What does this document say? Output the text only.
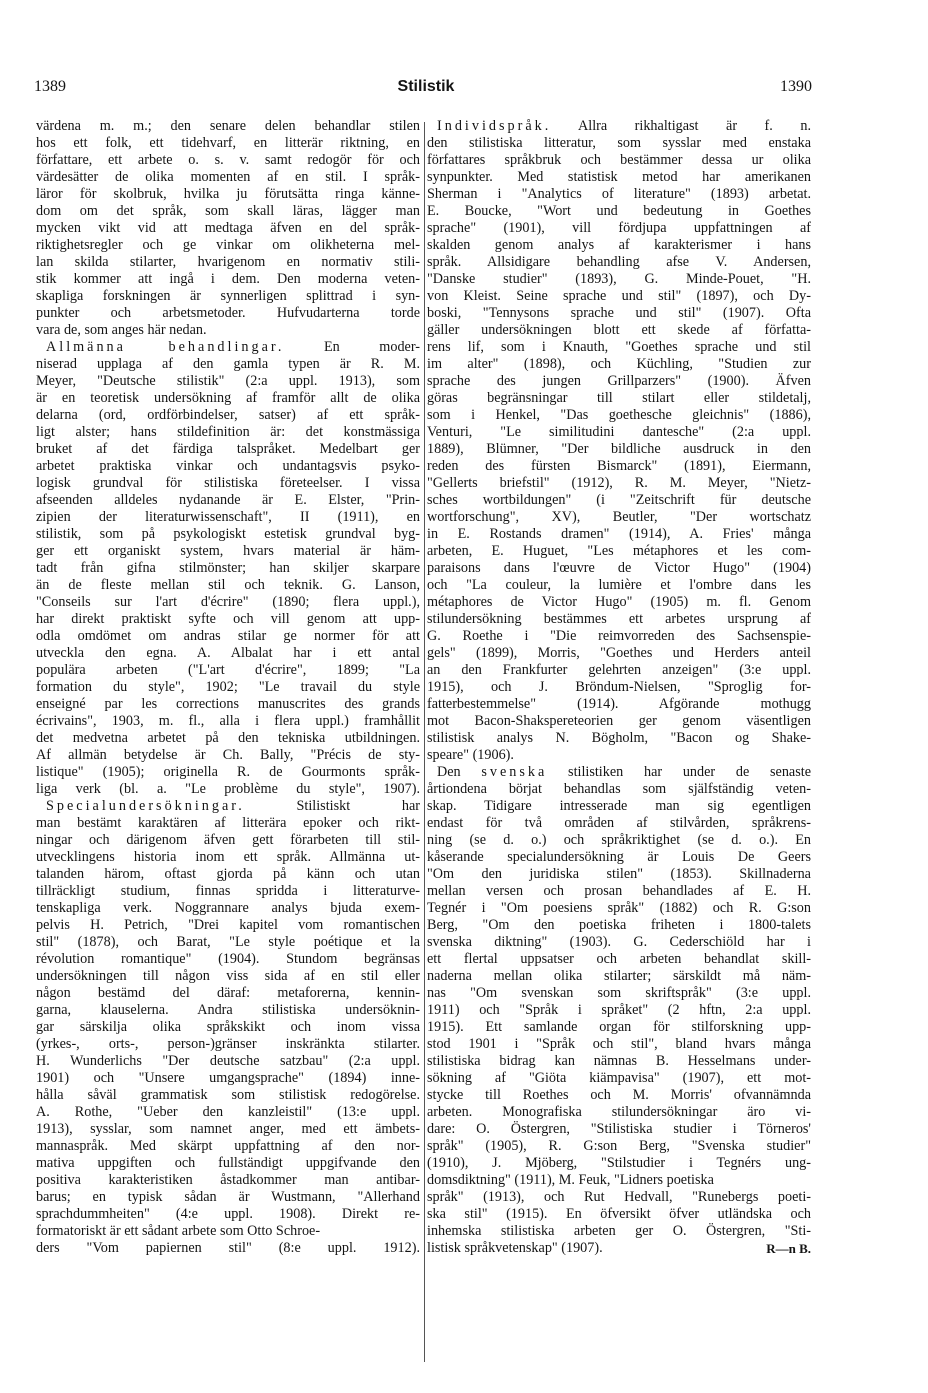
1389	Stilistik	1390
värdena m. m.; den senare delen behandlar stilen
hos ett folk, ett tidehvarf, en litterär riktning, en
författare, ett arbete o. s. v. samt redogör för och
värdesätter de olika momenten af en stil. I språk-
läror för skolbruk, hvilka ju förutsätta ringa känne-
dom om det språk, som skall läras, lägger man
mycken vikt vid att medtaga äfven en del språk-
riktighetsregler och ge vinkar om olikheterna mel-
lan skilda stilarter, hvarigenom en normativ stili-
stik kommer att ingå i dem. Den moderna veten-
skapliga forskningen är synnerligen splittrad i syn-
punkter och arbetsmetoder. Hufvudarterna torde
vara de, som anges här nedan.
Allmänna behandlingar. En moder-
niserad upplaga af den gamla typen är R. M.
Meyer, "Deutsche stilistik" (2:a uppl. 1913), som
är en teoretisk undersökning af framför allt de olika
delarna (ord, ordförbindelser, satser) af ett språk-
ligt alster; hans stildefinition är: det konstmässiga
bruket af det färdiga talspråket. Medelbart ger
arbetet praktiska vinkar och undantagsvis psyko-
logisk grundval för stilistiska företeelser. I vissa
afseenden alldeles nydanande är E. Elster, "Prin-
zipien der literaturwissenschaft", II (1911), en
stilistik, som på psykologiskt estetisk grundval byg-
ger ett organiskt system, hvars material är häm-
tadt från gifna stilmönster; han skiljer skarpare
än de fleste mellan stil och teknik. G. Lanson,
"Conseils sur l'art d'écrire" (1890; flera uppl.),
har direkt praktiskt syfte och vill genom att upp-
odla omdömet om andras stilar ge normer för att
utveckla den egna. A. Albalat har i ett antal
populära arbeten ("L'art d'écrire", 1899; "La
formation du style", 1902; "Le travail du style
enseigné par les corrections manuscrites des grands
écrivains", 1903, m. fl., alla i flera uppl.) framhållit
det medvetna arbetet på den tekniska utbildningen.
Af allmän betydelse är Ch. Bally, "Précis de sty-
listique" (1905); originella R. de Gourmonts språk-
liga verk (bl. a. "Le problème du style", 1907).
Specialundersökningar. Stilistiskt har
man bestämt karaktären af litterära epoker och rikt-
ningar och därigenom äfven gett förarbeten till stil-
utvecklingens historia inom ett språk. Allmänna ut-
talanden härom, oftast gjorda på känn och utan
tillräckligt studium, finnas spridda i litteraturve-
tenskapliga verk. Noggrannare analys bjuda exem-
pelvis H. Petrich, "Drei kapitel vom romantischen
stil" (1878), och Barat, "Le style poétique et la
révolution romantique" (1904). Stundom begränsas
undersökningen till någon viss sida af en stil eller
någon bestämd del däraf: metaforerna, kennin-
garna, klauselerna. Andra stilistiska undersöknin-
gar särskilja olika språkskikt och inom vissa
(yrkes-, orts-, person-)gränser inskränkta stilarter.
H. Wunderlichs "Der deutsche satzbau" (2:a uppl.
1901) och "Unsere umgangsprache" (1894) inne-
hålla såväl grammatisk som stilistisk redogörelse.
A. Rothe, "Ueber den kanzleistil" (13:e uppl.
1913), sysslar, som namnet anger, med ett ämbets-
mannaspråk. Med skärpt uppfattning af den nor-
mativa uppgiften och fullständigt uppgifvande den
positiva karakteristiken åstadkommer man antibar-
barus; en typisk sådan är Wustmann, "Allerhand
sprachdummheiten" (4:e uppl. 1908). Direkt re-
formatoriskt är ett sådant arbete som Otto Schroe-
ders "Vom papiernen stil" (8:e uppl. 1912).
Individspråk. Allra rikhaltigast är f. n.
den stilistiska litteratur, som sysslar med enstaka
författares språkbruk och bestämmer dessa ur olika
synpunkter. Med statistisk metod har amerikanen
Sherman i "Analytics of literature" (1893) arbetat.
E. Boucke, "Wort und bedeutung in Goethes
sprache" (1901), vill fördjupa uppfattningen af
skalden genom analys af karakterismer i hans
språk. Allsidigare behandling afse V. Andersen,
"Danske studier" (1893), G. Minde-Pouet, "H.
von Kleist. Seine sprache und stil" (1897), och Dy-
boski, "Tennysons sprache und stil" (1907). Ofta
gäller undersökningen blott ett skede af författa-
rens lif, som i Knauth, "Goethes sprache und stil
im alter" (1898), och Küchling, "Studien zur
sprache des jungen Grillparzers" (1900). Äfven
göras begränsningar till stilart eller stildetalj,
som i Henkel, "Das goethesche gleichnis" (1886),
Venturi, "Le similitudini dantesche" (2:a uppl.
1889), Blümner, "Der bildliche ausdruck in den
reden des fürsten Bismarck" (1891), Eiermann,
"Gellerts briefstil" (1912), R. M. Meyer, "Nietz-
sches wortbildungen" (i "Zeitschrift für deutsche
wortforschung", XV), Beutler, "Der wortschatz
in E. Rostands dramen" (1914), A. Fries' många
arbeten, E. Huguet, "Les métaphores et les com-
paraisons dans l'œuvre de Victor Hugo" (1904)
och "La couleur, la lumière et l'ombre dans les
métaphores de Victor Hugo" (1905) m. fl. Genom
stilundersökning bestämmes ett arbetes ursprung af
G. Roethe i "Die reimvorreden des Sachsenspie-
gels" (1899), Morris, "Goethes und Herders anteil
an den Frankfurter gelehrten anzeigen" (3:e uppl.
1915), och J. Bröndum-Nielsen, "Sproglig for-
fatterbestemmelse" (1914). Afgörande mothugg
mot Bacon-Shakspereteorien ger genom väsentligen
stilistisk analys N. Bögholm, "Bacon og Shake-
speare" (1906).
Den svenska stilistiken har under de senaste
årtiondena börjat behandlas som själfständig veten-
skap. Tidigare intresserade man sig egentligen
endast för två områden af stilvården, språkrens-
ning (se d. o.) och språkriktighet (se d. o.). En
kåserande specialundersökning är Louis De Geers
"Om den juridiska stilen" (1853). Skillnaderna
mellan versen och prosan behandlades af E. H.
Tegnér i "Om poesiens språk" (1882) och R. G:son
Berg, "Om den poetiska friheten i 1800-talets
svenska diktning" (1903). G. Cederschiöld har i
ett flertal uppsatser och arbeten behandlat skill-
naderna mellan olika stilarter; särskildt må näm-
nas "Om svenskan som skriftspråk" (3:e uppl.
1911) och "Språk i språket" (2 hftn, 2:a uppl.
1915). Ett samlande organ för stilforskning upp-
stod 1901 i "Språk och stil", bland hvars många
stilistiska bidrag kan nämnas B. Hesselmans under-
sökning af "Giöta kiämpavisa" (1907), ett mot-
stycke till Roethes och M. Morris' ofvannämnda
arbeten. Monografiska stilundersökningar äro vi-
dare: O. Östergren, "Stilistiska studier i Törneros'
språk" (1905), R. G:son Berg, "Svenska studier"
(1910), J. Mjöberg, "Stilstudier i Tegnérs ung-
domsdiktning" (1911), M. Feuk, "Lidners poetiska
språk" (1913), och Rut Hedvall, "Runebergs poeti-
ska stil" (1915). En öfversikt öfver utländska och
inhemska stilistiska arbeten ger O. Östergren, "Sti-
R—n B.
listisk språkvetenskap" (1907).
